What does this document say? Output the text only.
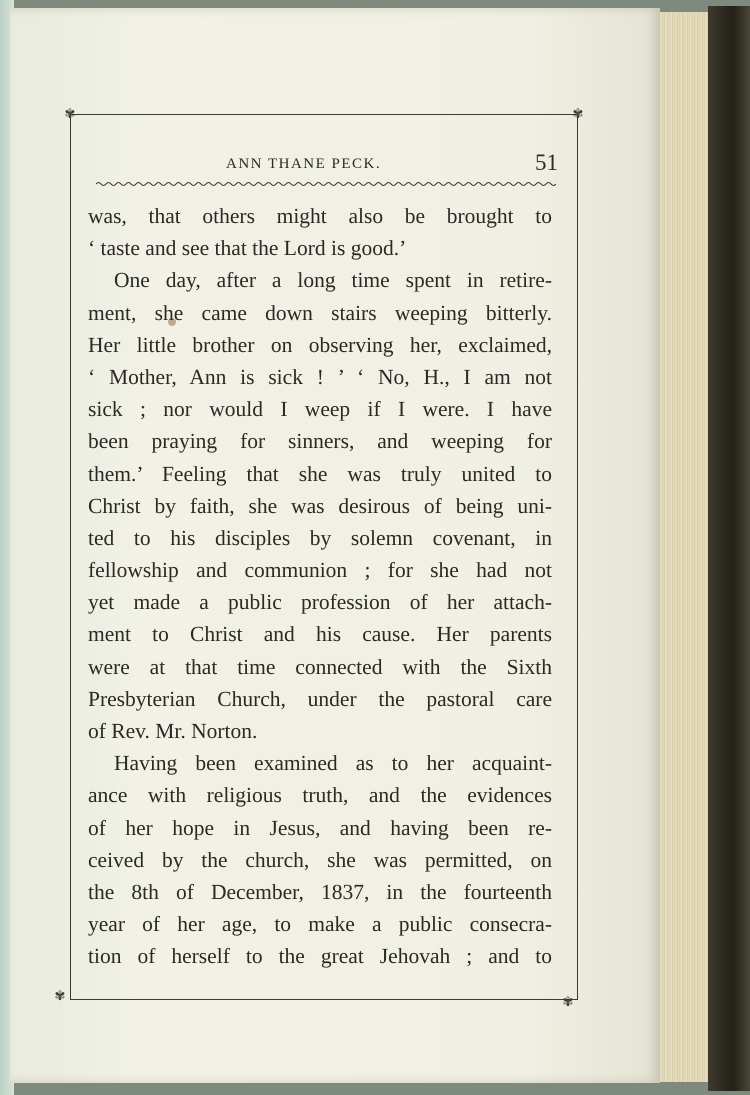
✾	✾
✾	✾
ANN THANE PECK.	51
was, that others might also be brought to
‘ taste and see that the Lord is good.’
One day, after a long time spent in retire-
ment, she came down stairs weeping bitterly.
Her little brother on observing her, exclaimed,
‘ Mother, Ann is sick ! ’ ‘ No, H., I am not
sick ; nor would I weep if I were. I have
been praying for sinners, and weeping for
them.’ Feeling that she was truly united to
Christ by faith, she was desirous of being uni-
ted to his disciples by solemn covenant, in
fellowship and communion ; for she had not
yet made a public profession of her attach-
ment to Christ and his cause. Her parents
were at that time connected with the Sixth
Presbyterian Church, under the pastoral care
of Rev. Mr. Norton.
Having been examined as to her acquaint-
ance with religious truth, and the evidences
of her hope in Jesus, and having been re-
ceived by the church, she was permitted, on
the 8th of December, 1837, in the fourteenth
year of her age, to make a public consecra-
tion of herself to the great Jehovah ; and to
